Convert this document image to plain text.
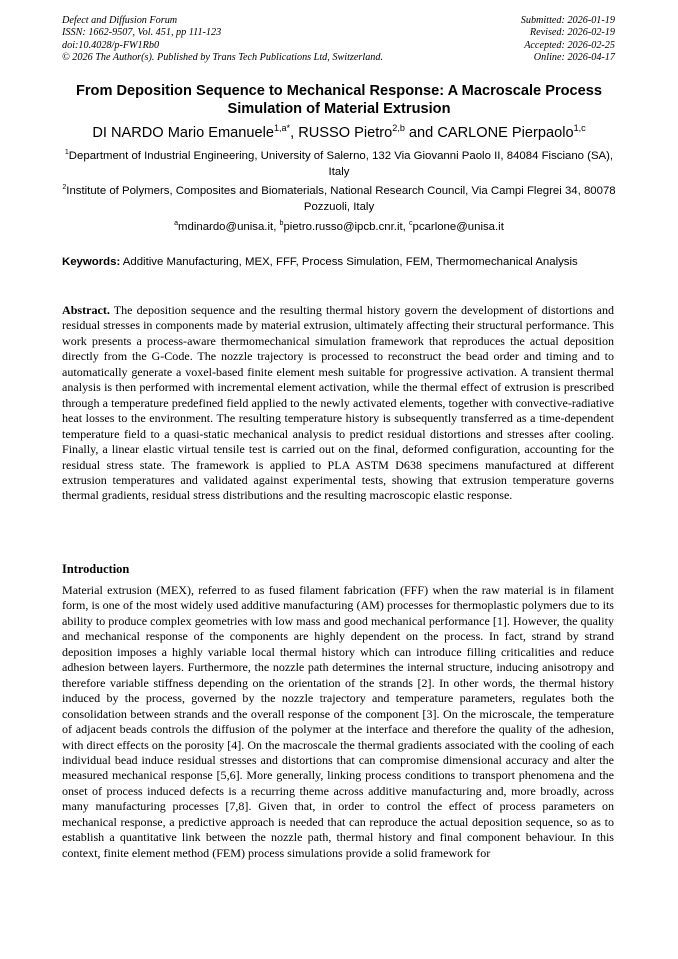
Defect and Diffusion Forum
ISSN: 1662-9507, Vol. 451, pp 111-123
doi:10.4028/p-FW1Rb0
© 2026 The Author(s). Published by Trans Tech Publications Ltd, Switzerland.
Submitted: 2026-01-19
Revised: 2026-02-19
Accepted: 2026-02-25
Online: 2026-04-17
From Deposition Sequence to Mechanical Response: A Macroscale Process Simulation of Material Extrusion
DI NARDO Mario Emanuele$^{1,a*}$, RUSSO Pietro$^{2,b}$ and CARLONE Pierpaolo$^{1,c}$
$^1$Department of Industrial Engineering, University of Salerno, 132 Via Giovanni Paolo II, 84084 Fisciano (SA), Italy
$^2$Institute of Polymers, Composites and Biomaterials, National Research Council, Via Campi Flegrei 34, 80078 Pozzuoli, Italy
$^a$mdinardo@unisa.it, $^b$pietro.russo@ipcb.cnr.it, $^c$pcarlone@unisa.it
Keywords: Additive Manufacturing, MEX, FFF, Process Simulation, FEM, Thermomechanical Analysis
Abstract. The deposition sequence and the resulting thermal history govern the development of distortions and residual stresses in components made by material extrusion, ultimately affecting their structural performance. This work presents a process-aware thermomechanical simulation framework that reproduces the actual deposition directly from the G-Code. The nozzle trajectory is processed to reconstruct the bead order and timing and to automatically generate a voxel-based finite element mesh suitable for progressive activation. A transient thermal analysis is then performed with incremental element activation, while the thermal effect of extrusion is prescribed through a temperature predefined field applied to the newly activated elements, together with convective-radiative heat losses to the environment. The resulting temperature history is subsequently transferred as a time-dependent temperature field to a quasi-static mechanical analysis to predict residual distortions and stresses after cooling. Finally, a linear elastic virtual tensile test is carried out on the final, deformed configuration, accounting for the residual stress state. The framework is applied to PLA ASTM D638 specimens manufactured at different extrusion temperatures and validated against experimental tests, showing that extrusion temperature governs thermal gradients, residual stress distributions and the resulting macroscopic elastic response.
Introduction
Material extrusion (MEX), referred to as fused filament fabrication (FFF) when the raw material is in filament form, is one of the most widely used additive manufacturing (AM) processes for thermoplastic polymers due to its ability to produce complex geometries with low mass and good mechanical performance [1]. However, the quality and mechanical response of the components are highly dependent on the process. In fact, strand by strand deposition imposes a highly variable local thermal history which can introduce filling criticalities and reduce adhesion between layers. Furthermore, the nozzle path determines the internal structure, inducing anisotropy and therefore variable stiffness depending on the orientation of the strands [2]. In other words, the thermal history induced by the process, governed by the nozzle trajectory and temperature parameters, regulates both the consolidation between strands and the overall response of the component [3]. On the microscale, the temperature of adjacent beads controls the diffusion of the polymer at the interface and therefore the quality of the adhesion, with direct effects on the porosity [4]. On the macroscale the thermal gradients associated with the cooling of each individual bead induce residual stresses and distortions that can compromise dimensional accuracy and alter the measured mechanical response [5,6]. More generally, linking process conditions to transport phenomena and the onset of process induced defects is a recurring theme across additive manufacturing and, more broadly, across many manufacturing processes [7,8]. Given that, in order to control the effect of process parameters on mechanical response, a predictive approach is needed that can reproduce the actual deposition sequence, so as to establish a quantitative link between the nozzle path, thermal history and final component behaviour. In this context, finite element method (FEM) process simulations provide a solid framework for
